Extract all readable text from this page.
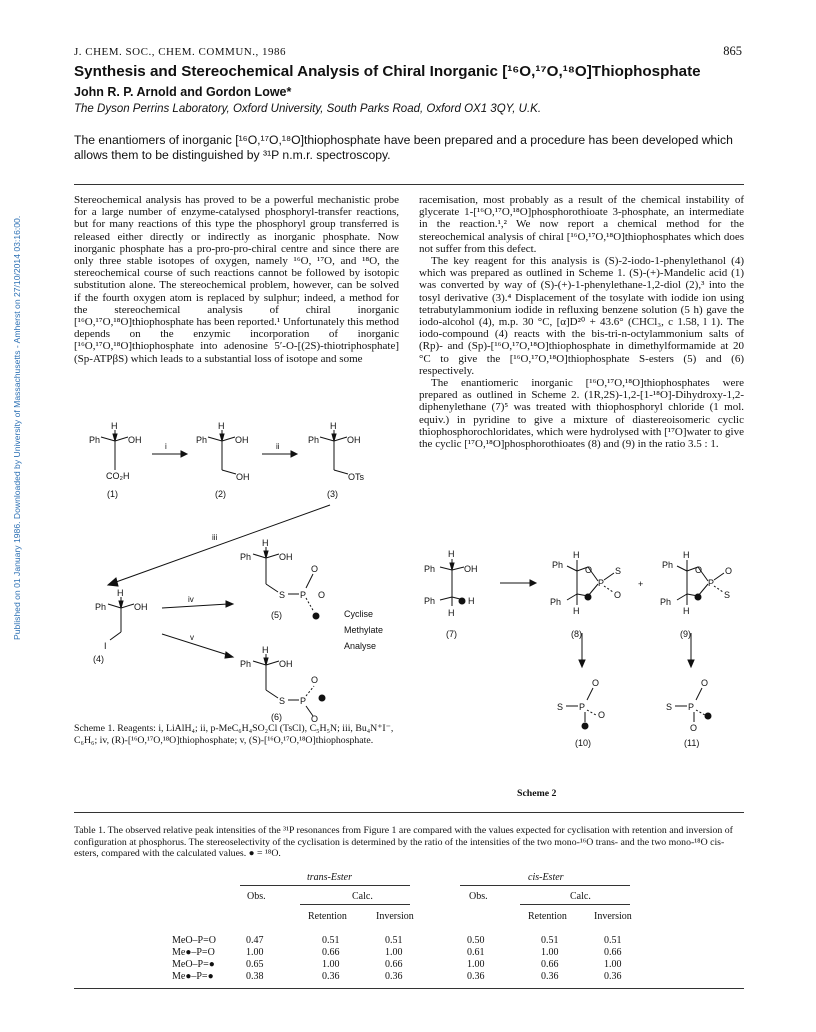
Published on 01 January 1986. Downloaded by University of Massachusetts - Amherst on 27/10/2014 03:16:00.
J. CHEM. SOC., CHEM. COMMUN., 1986	865
Synthesis and Stereochemical Analysis of Chiral Inorganic [¹⁶O,¹⁷O,¹⁸O]Thiophosphate
John R. P. Arnold and Gordon Lowe*
The Dyson Perrins Laboratory, Oxford University, South Parks Road, Oxford OX1 3QY, U.K.
The enantiomers of inorganic [¹⁶O,¹⁷O,¹⁸O]thiophosphate have been prepared and a procedure has been developed which allows them to be distinguished by ³¹P n.m.r. spectroscopy.

Stereochemical analysis has proved to be a powerful mechanistic probe for a large number of enzyme-catalysed phosphoryl-transfer reactions, but for many reactions of this type the phosphoryl group transferred is released either directly or indirectly as inorganic phosphate. Now inorganic phosphate has a pro-pro-pro-chiral centre and since there are only three stable isotopes of oxygen, namely ¹⁶O, ¹⁷O, and ¹⁸O, the stereochemical course of such reactions cannot be followed by isotopic substitution alone. The stereochemical problem, however, can be solved if the fourth oxygen atom is replaced by sulphur; indeed, a method for the stereochemical analysis of chiral inorganic [¹⁶O,¹⁷O,¹⁸O]thiophosphate has been reported.¹ Unfortunately this method depends on the enzymic incorporation of inorganic [¹⁶O,¹⁷O,¹⁸O]thiophosphate into adenosine 5′-O-[(2S)-thiotriphosphate] (Sp-ATPβS) which leads to a substantial loss of isotope and some

racemisation, most probably as a result of the chemical instability of glycerate 1-[¹⁶O,¹⁷O,¹⁸O]phosphorothioate 3-phosphate, an intermediate in the reaction.¹,² We now report a chemical method for the stereochemical analysis of chiral [¹⁶O,¹⁷O,¹⁸O]thiophosphates which does not suffer from this defect.

The key reagent for this analysis is (S)-2-iodo-1-phenylethanol (4) which was prepared as outlined in Scheme 1. (S)-(+)-Mandelic acid (1) was converted by way of (S)-(+)-1-phenylethane-1,2-diol (2),³ into the tosyl derivative (3).⁴ Displacement of the tosylate with iodide ion using tetrabutylammonium iodide in refluxing benzene solution (5 h) gave the iodo-alcohol (4), m.p. 30 °C, [α]D²⁰ + 43.6° (CHCl₃, c 1.58, l 1). The iodo-compound (4) reacts with the bis-tri-n-octylammonium salts of (Rp)- and (Sp)-[¹⁶O,¹⁷O,¹⁸O]thiophosphate in dimethylformamide at 20 °C to give the [¹⁶O,¹⁷O,¹⁸O]thiophosphate S-esters (5) and (6) respectively.

The enantiomeric inorganic [¹⁶O,¹⁷O,¹⁸O]thiophosphates were prepared as outlined in Scheme 2. (1R,2S)-1,2-[1-¹⁸O]-Dihydroxy-1,2-diphenylethane (7)⁵ was treated with thiophosphoryl chloride (1 mol. equiv.) in pyridine to give a mixture of diastereoisomeric cyclic thiophosphorochloridates, which were hydrolysed with [¹⁷O]water to give the cyclic [¹⁷O,¹⁸O]phosphorothioates (8) and (9) in the ratio 3.5 : 1.

Ph	OH
H
CO₂H
(1)
Ph	OH
H
OH
(2)
Ph	OH
H
OTs
(3)
i	ii
iii
iv
v
Ph	OH
H
I
(4)
Ph	OH
H
S P
O
O
(5)
Ph	OH
H
S P
O
O
(6)
Cyclise
Methylate
Analyse
Ph	OH
H
Ph	H
H
(7)
Ph
H
O
P
S
O
Ph
H
(8)
+
Ph
H
O
P
O
S
Ph
H
(9)
S P
O
O
(10)
S P
O
O
(11)
Scheme 1. Reagents: i, LiAlH₄; ii, p-MeC₆H₄SO₂Cl (TsCl), C₅H₅N; iii, Bu₄N⁺I⁻, C₆H₆; iv, (R)-[¹⁶O,¹⁷O,¹⁸O]thiophosphate; v, (S)-[¹⁶O,¹⁷O,¹⁸O]thiophosphate.
Scheme 2
Table 1. The observed relative peak intensities of the ³¹P resonances from Figure 1 are compared with the values expected for cyclisation with retention and inversion of configuration at phosphorus. The stereoselectivity of the cyclisation is determined by the ratio of the intensities of the two mono-¹⁶O trans- and the two mono-¹⁸O cis-esters, compared with the calculated values. ● = ¹⁸O.
trans-Ester	cis-Ester
Obs.	Calc.	Obs.	Calc.
Retention	Inversion	Retention	Inversion
MeO–P=O	0.47	0.51	0.51	0.50	0.51	0.51
Me●–P=O	1.00	0.66	1.00	0.61	1.00	0.66
MeO–P=●	0.65	1.00	0.66	1.00	0.66	1.00
Me●–P=●	0.38	0.36	0.36	0.36	0.36	0.36
